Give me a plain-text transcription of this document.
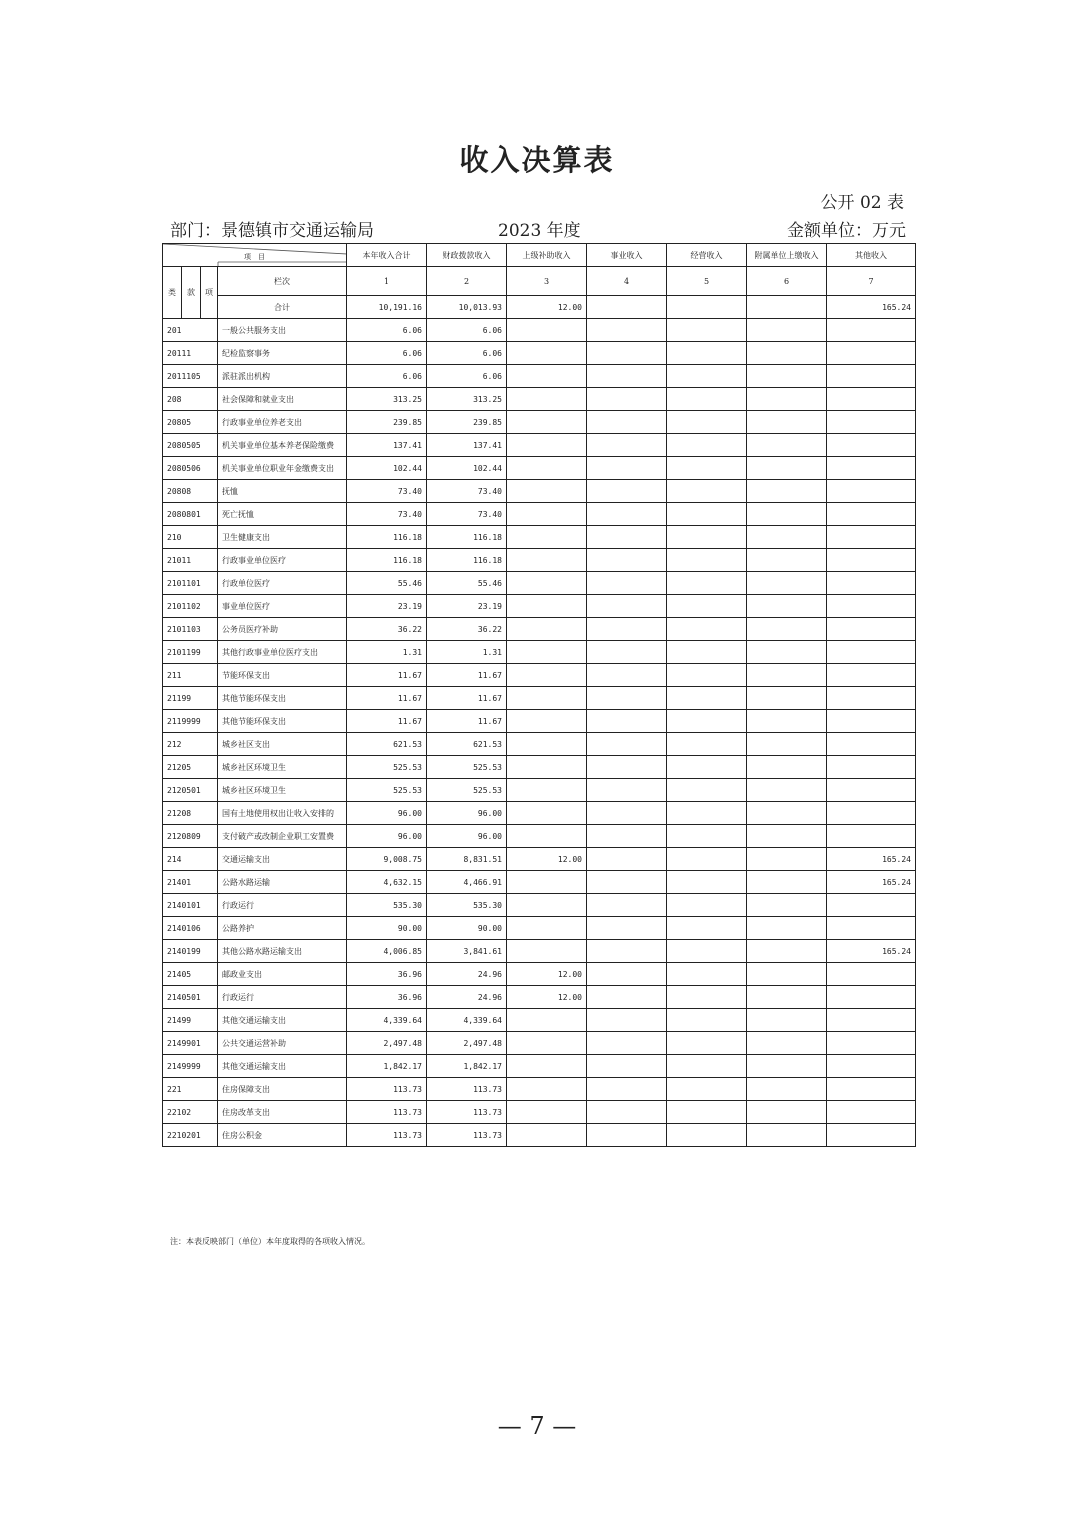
收入决算表
公开 02 表
部门：景德镇市交通运输局	2023 年度	金额单位：万元
项　目				本年收入合计	财政拨款收入	上级补助收入	事业收入	经营收入	附属单位上缴收入	其他收入

类	款	项	栏次	1	2	3	4	5	6	7
			合计	10,191.16	10,013.93	12.00				165.24
201			一般公共服务支出	6.06	6.06					
20111			纪检监察事务	6.06	6.06					
2011105			派驻派出机构	6.06	6.06					
208			社会保障和就业支出	313.25	313.25					
20805			行政事业单位养老支出	239.85	239.85					
2080505			机关事业单位基本养老保险缴费	137.41	137.41					
2080506			机关事业单位职业年金缴费支出	102.44	102.44					
20808			抚恤	73.40	73.40					
2080801			死亡抚恤	73.40	73.40					
210			卫生健康支出	116.18	116.18					
21011			行政事业单位医疗	116.18	116.18					
2101101			行政单位医疗	55.46	55.46					
2101102			事业单位医疗	23.19	23.19					
2101103			公务员医疗补助	36.22	36.22					
2101199			其他行政事业单位医疗支出	1.31	1.31					
211			节能环保支出	11.67	11.67					
21199			其他节能环保支出	11.67	11.67					
2119999			其他节能环保支出	11.67	11.67					
212			城乡社区支出	621.53	621.53					
21205			城乡社区环境卫生	525.53	525.53					
2120501			城乡社区环境卫生	525.53	525.53					
21208			国有土地使用权出让收入安排的	96.00	96.00					
2120809			支付破产或改制企业职工安置费	96.00	96.00					
214			交通运输支出	9,008.75	8,831.51	12.00				165.24
21401			公路水路运输	4,632.15	4,466.91					165.24
2140101			行政运行	535.30	535.30					
2140106			公路养护	90.00	90.00					
2140199			其他公路水路运输支出	4,006.85	3,841.61					165.24
21405			邮政业支出	36.96	24.96	12.00				
2140501			行政运行	36.96	24.96	12.00				
21499			其他交通运输支出	4,339.64	4,339.64					
2149901			公共交通运营补助	2,497.48	2,497.48					
2149999			其他交通运输支出	1,842.17	1,842.17					
221			住房保障支出	113.73	113.73					
22102			住房改革支出	113.73	113.73					
2210201			住房公积金	113.73	113.73					
注：本表反映部门（单位）本年度取得的各项收入情况。
— 7 —
